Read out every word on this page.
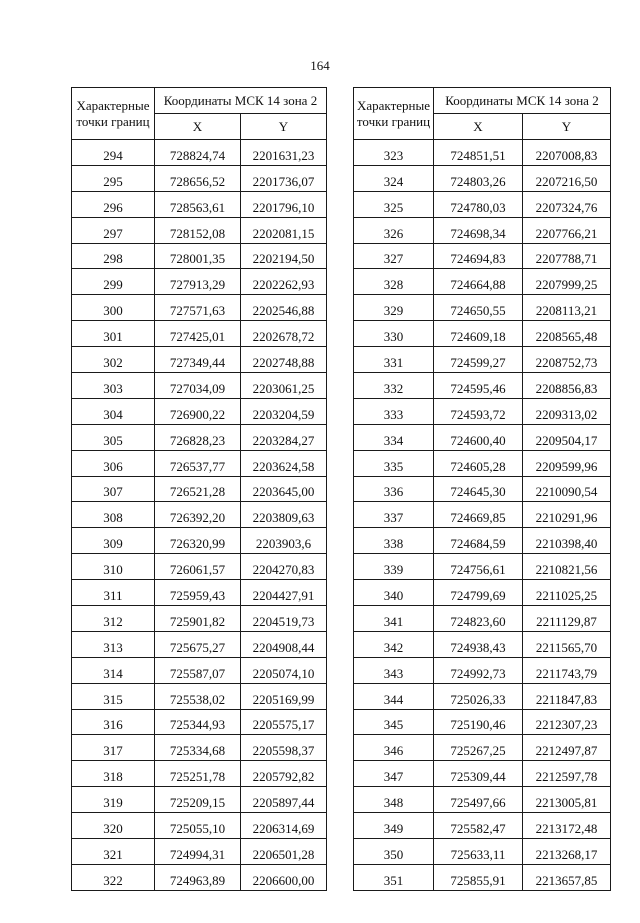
164
Характерные
точки границ	Координаты МСК 14 зона 2	
	X	Y
294	728824,74	2201631,23
295	728656,52	2201736,07
296	728563,61	2201796,10
297	728152,08	2202081,15
298	728001,35	2202194,50
299	727913,29	2202262,93
300	727571,63	2202546,88
301	727425,01	2202678,72
302	727349,44	2202748,88
303	727034,09	2203061,25
304	726900,22	2203204,59
305	726828,23	2203284,27
306	726537,77	2203624,58
307	726521,28	2203645,00
308	726392,20	2203809,63
309	726320,99	2203903,6
310	726061,57	2204270,83
311	725959,43	2204427,91
312	725901,82	2204519,73
313	725675,27	2204908,44
314	725587,07	2205074,10
315	725538,02	2205169,99
316	725344,93	2205575,17
317	725334,68	2205598,37
318	725251,78	2205792,82
319	725209,15	2205897,44
320	725055,10	2206314,69
321	724994,31	2206501,28
322	724963,89	2206600,00
Характерные
точки границ	Координаты МСК 14 зона 2	
	X	Y
323	724851,51	2207008,83
324	724803,26	2207216,50
325	724780,03	2207324,76
326	724698,34	2207766,21
327	724694,83	2207788,71
328	724664,88	2207999,25
329	724650,55	2208113,21
330	724609,18	2208565,48
331	724599,27	2208752,73
332	724595,46	2208856,83
333	724593,72	2209313,02
334	724600,40	2209504,17
335	724605,28	2209599,96
336	724645,30	2210090,54
337	724669,85	2210291,96
338	724684,59	2210398,40
339	724756,61	2210821,56
340	724799,69	2211025,25
341	724823,60	2211129,87
342	724938,43	2211565,70
343	724992,73	2211743,79
344	725026,33	2211847,83
345	725190,46	2212307,23
346	725267,25	2212497,87
347	725309,44	2212597,78
348	725497,66	2213005,81
349	725582,47	2213172,48
350	725633,11	2213268,17
351	725855,91	2213657,85
